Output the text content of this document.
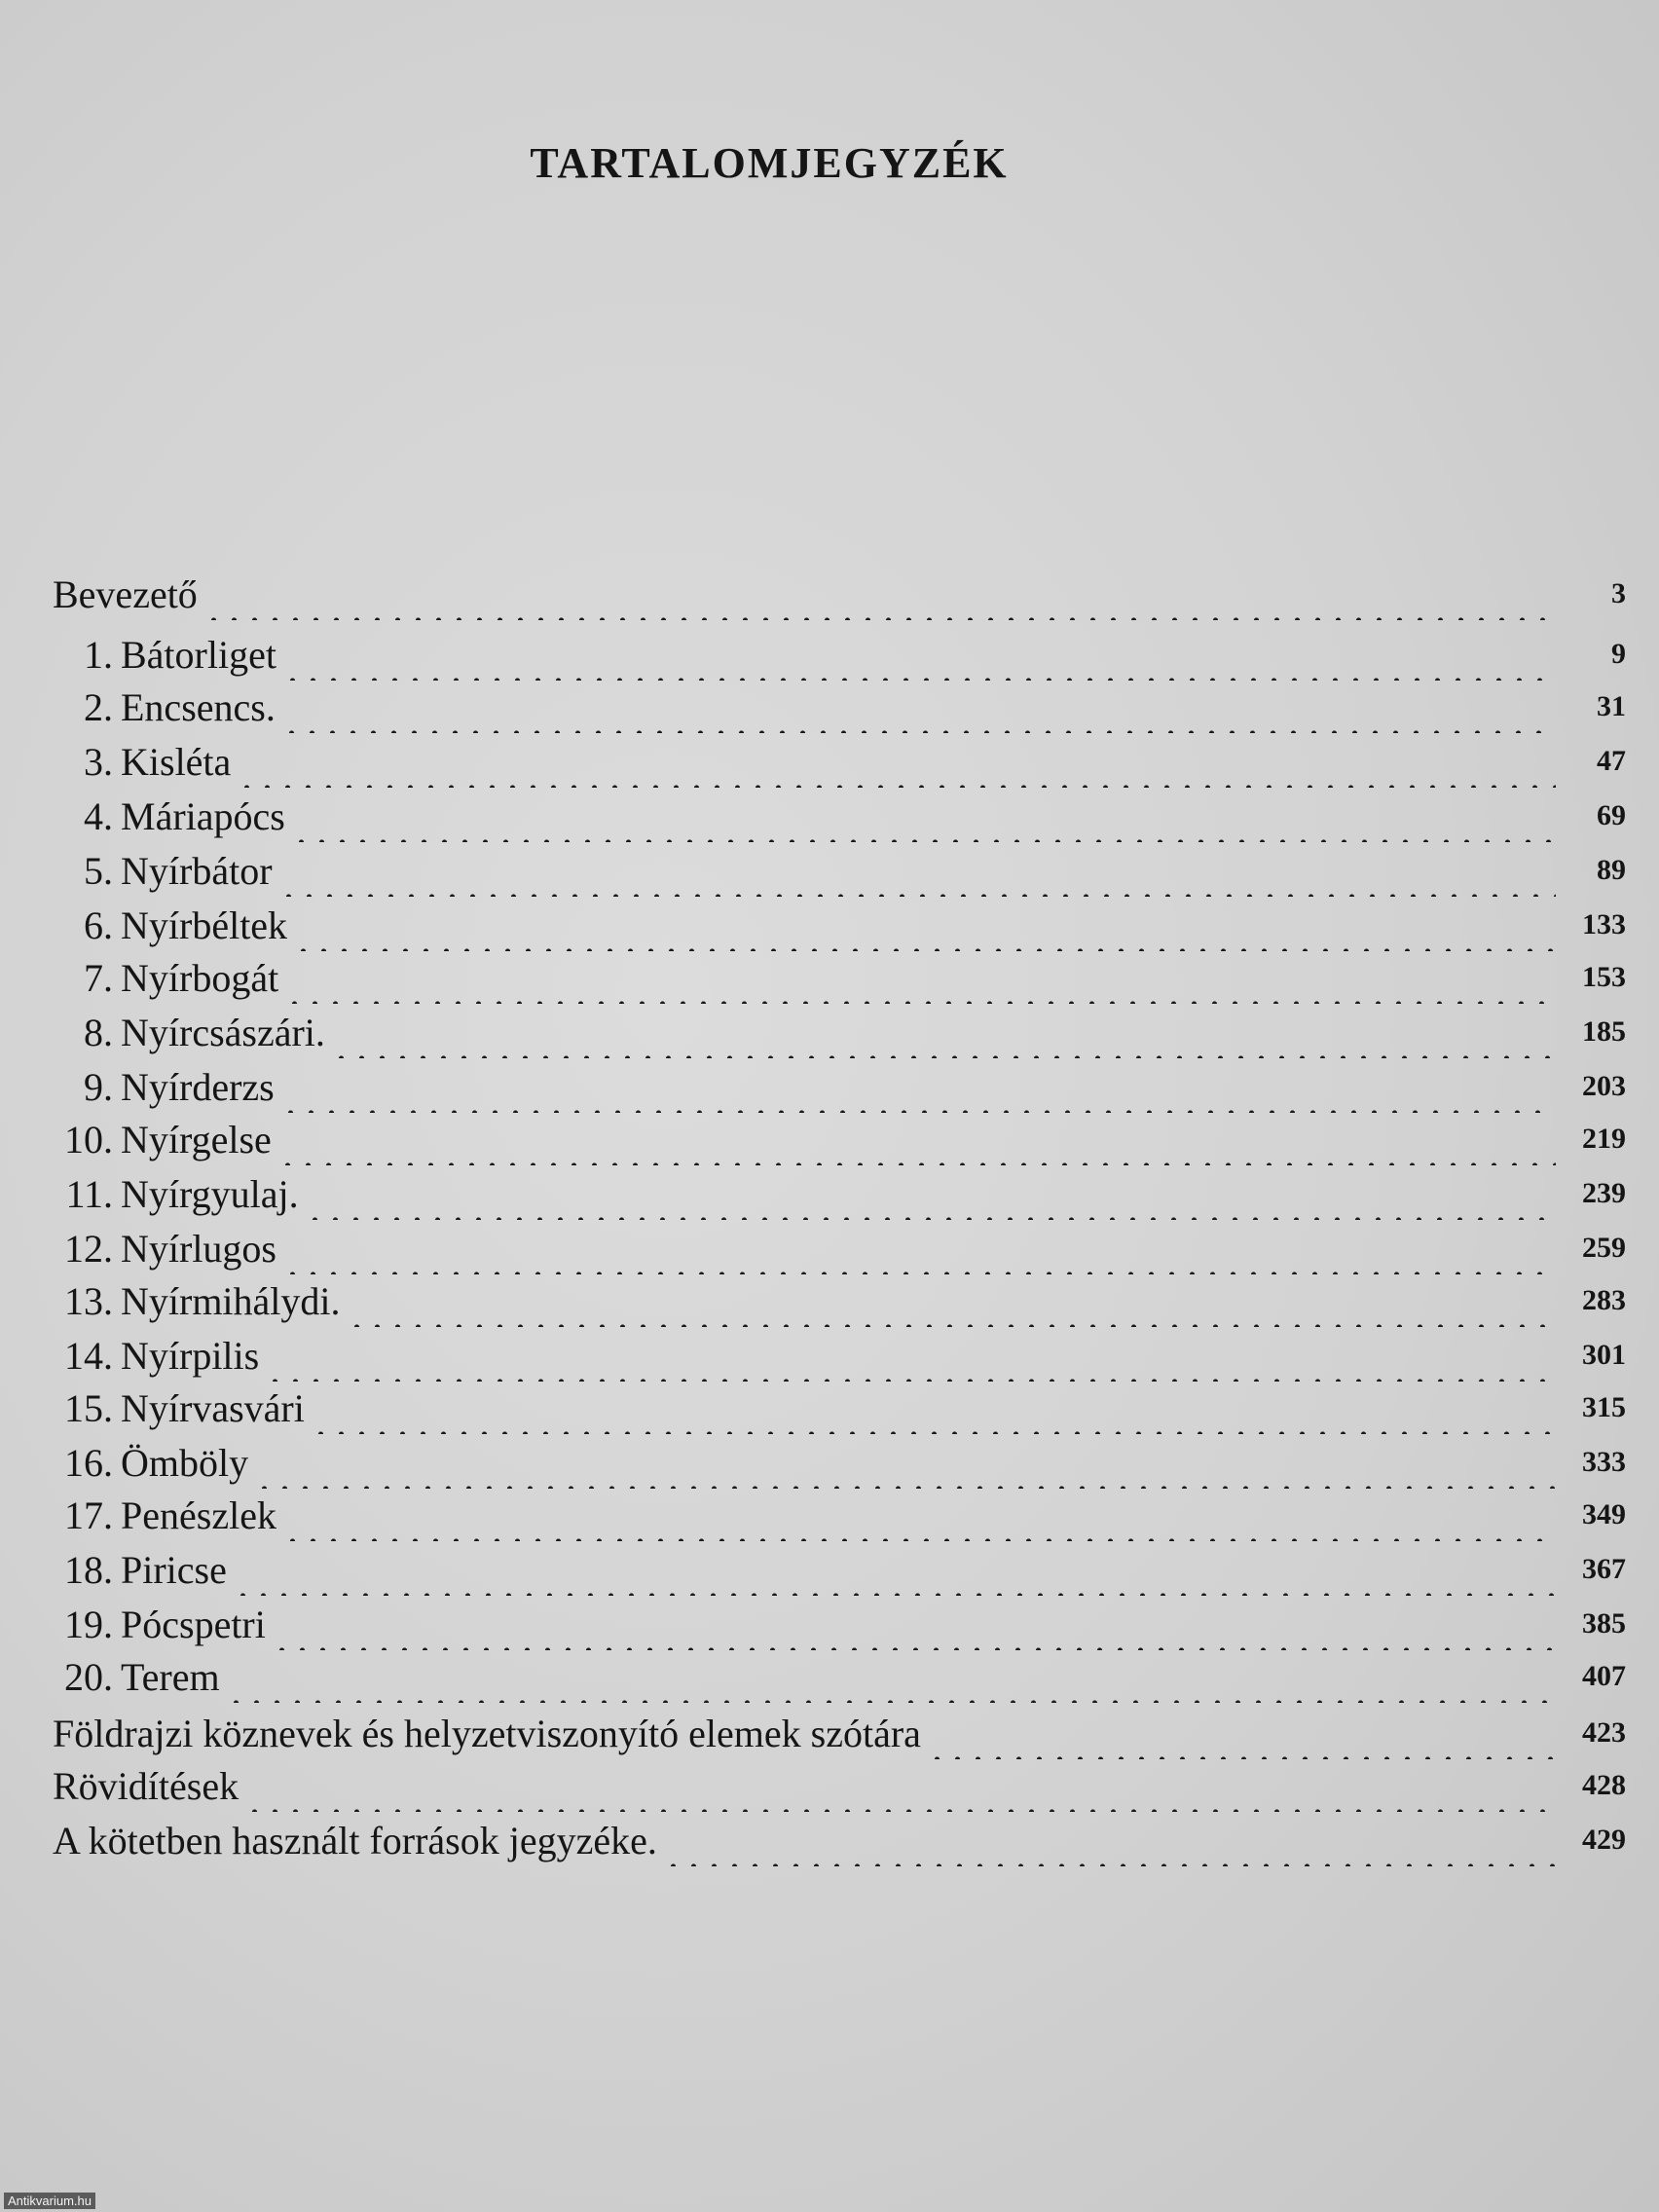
TARTALOMJEGYZÉK
Bevezető	3
1. Bátorliget	9
2. Encsencs.	31
3. Kisléta	47
4. Máriapócs	69
5. Nyírbátor	89
6. Nyírbéltek	133
7. Nyírbogát	153
8. Nyírcsászári.	185
9. Nyírderzs	203
10. Nyírgelse	219
11. Nyírgyulaj.	239
12. Nyírlugos	259
13. Nyírmihálydi.	283
14. Nyírpilis	301
15. Nyírvasvári	315
16. Ömböly	333
17. Penészlek	349
18. Piricse	367
19. Pócspetri	385
20. Terem	407
Földrajzi köznevek és helyzetviszonyító elemek szótára	423
Rövidítések	428
A kötetben használt források jegyzéke.	429
Antikvarium.hu
